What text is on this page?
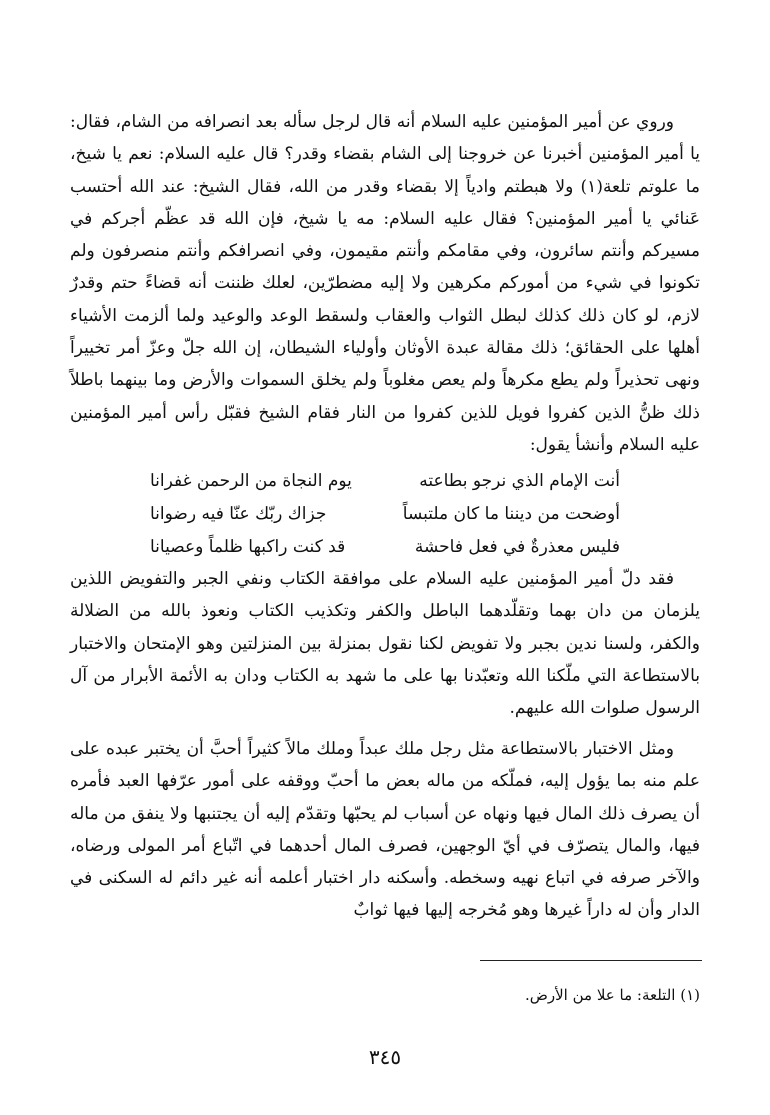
وروي عن أمير المؤمنين عليه السلام أنه قال لرجل سأله بعد انصرافه من الشام، فقال: يا أمير المؤمنين أخبرنا عن خروجنا إلى الشام بقضاء وقدر؟ قال عليه السلام: نعم يا شيخ، ما علوتم تلعة(١) ولا هبطتم وادياً إلا بقضاء وقدر من الله، فقال الشيخ: عند الله أحتسب عَنائي يا أمير المؤمنين؟ فقال عليه السلام: مه يا شيخ، فإن الله قد عظّم أجركم في مسيركم وأنتم سائرون، وفي مقامكم وأنتم مقيمون، وفي انصرافكم وأنتم منصرفون ولم تكونوا في شيء من أموركم مكرهين ولا إليه مضطرّين، لعلك ظننت أنه قضاءً حتم وقدرٌ لازم، لو كان ذلك كذلك لبطل الثواب والعقاب ولسقط الوعد والوعيد ولما ألزمت الأشياء أهلها على الحقائق؛ ذلك مقالة عبدة الأوثان وأولياء الشيطان، إن الله جلّ وعزّ أمر تخييراً ونهى تحذيراً ولم يطع مكرهاً ولم يعص مغلوباً ولم يخلق السموات والأرض وما بينهما باطلاً ذلك ظنُّ الذين كفروا فويل للذين كفروا من النار فقام الشيخ فقبّل رأس أمير المؤمنين عليه السلام وأنشأ يقول:

أنت الإمام الذي نرجو بطاعته
يوم النجاة من الرحمن غفرانا
أوضحت من ديننا ما كان ملتبساً
جزاك ربّك عنّا فيه رضوانا
فليس معذرةٌ في فعل فاحشة
قد كنت راكبها ظلماً وعصيانا

فقد دلّ أمير المؤمنين عليه السلام على موافقة الكتاب ونفي الجبر والتفويض اللذين يلزمان من دان بهما وتقلّدهما الباطل والكفر وتكذيب الكتاب ونعوذ بالله من الضلالة والكفر، ولسنا ندين بجبر ولا تفويض لكنا نقول بمنزلة بين المنزلتين وهو الإمتحان والاختبار بالاستطاعة التي ملّكنا الله وتعبّدنا بها على ما شهد به الكتاب ودان به الأئمة الأبرار من آل الرسول صلوات الله عليهم.

ومثل الاختبار بالاستطاعة مثل رجل ملك عبداً وملك مالاً كثيراً أحبَّ أن يختبر عبده على علم منه بما يؤول إليه، فملّكه من ماله بعض ما أحبّ ووقفه على أمور عرّفها العبد فأمره أن يصرف ذلك المال فيها ونهاه عن أسباب لم يحبّها وتقدّم إليه أن يجتنبها ولا ينفق من ماله فيها، والمال يتصرّف في أيّ الوجهين، فصرف المال أحدهما في اتّباع أمر المولى ورضاه، والآخر صرفه في اتباع نهيه وسخطه. وأسكنه دار اختبار أعلمه أنه غير دائم له السكنى في الدار وأن له داراً غيرها وهو مُخرجه إليها فيها ثوابٌ

(١) التلعة: ما علا من الأرض.
٣٤٥
